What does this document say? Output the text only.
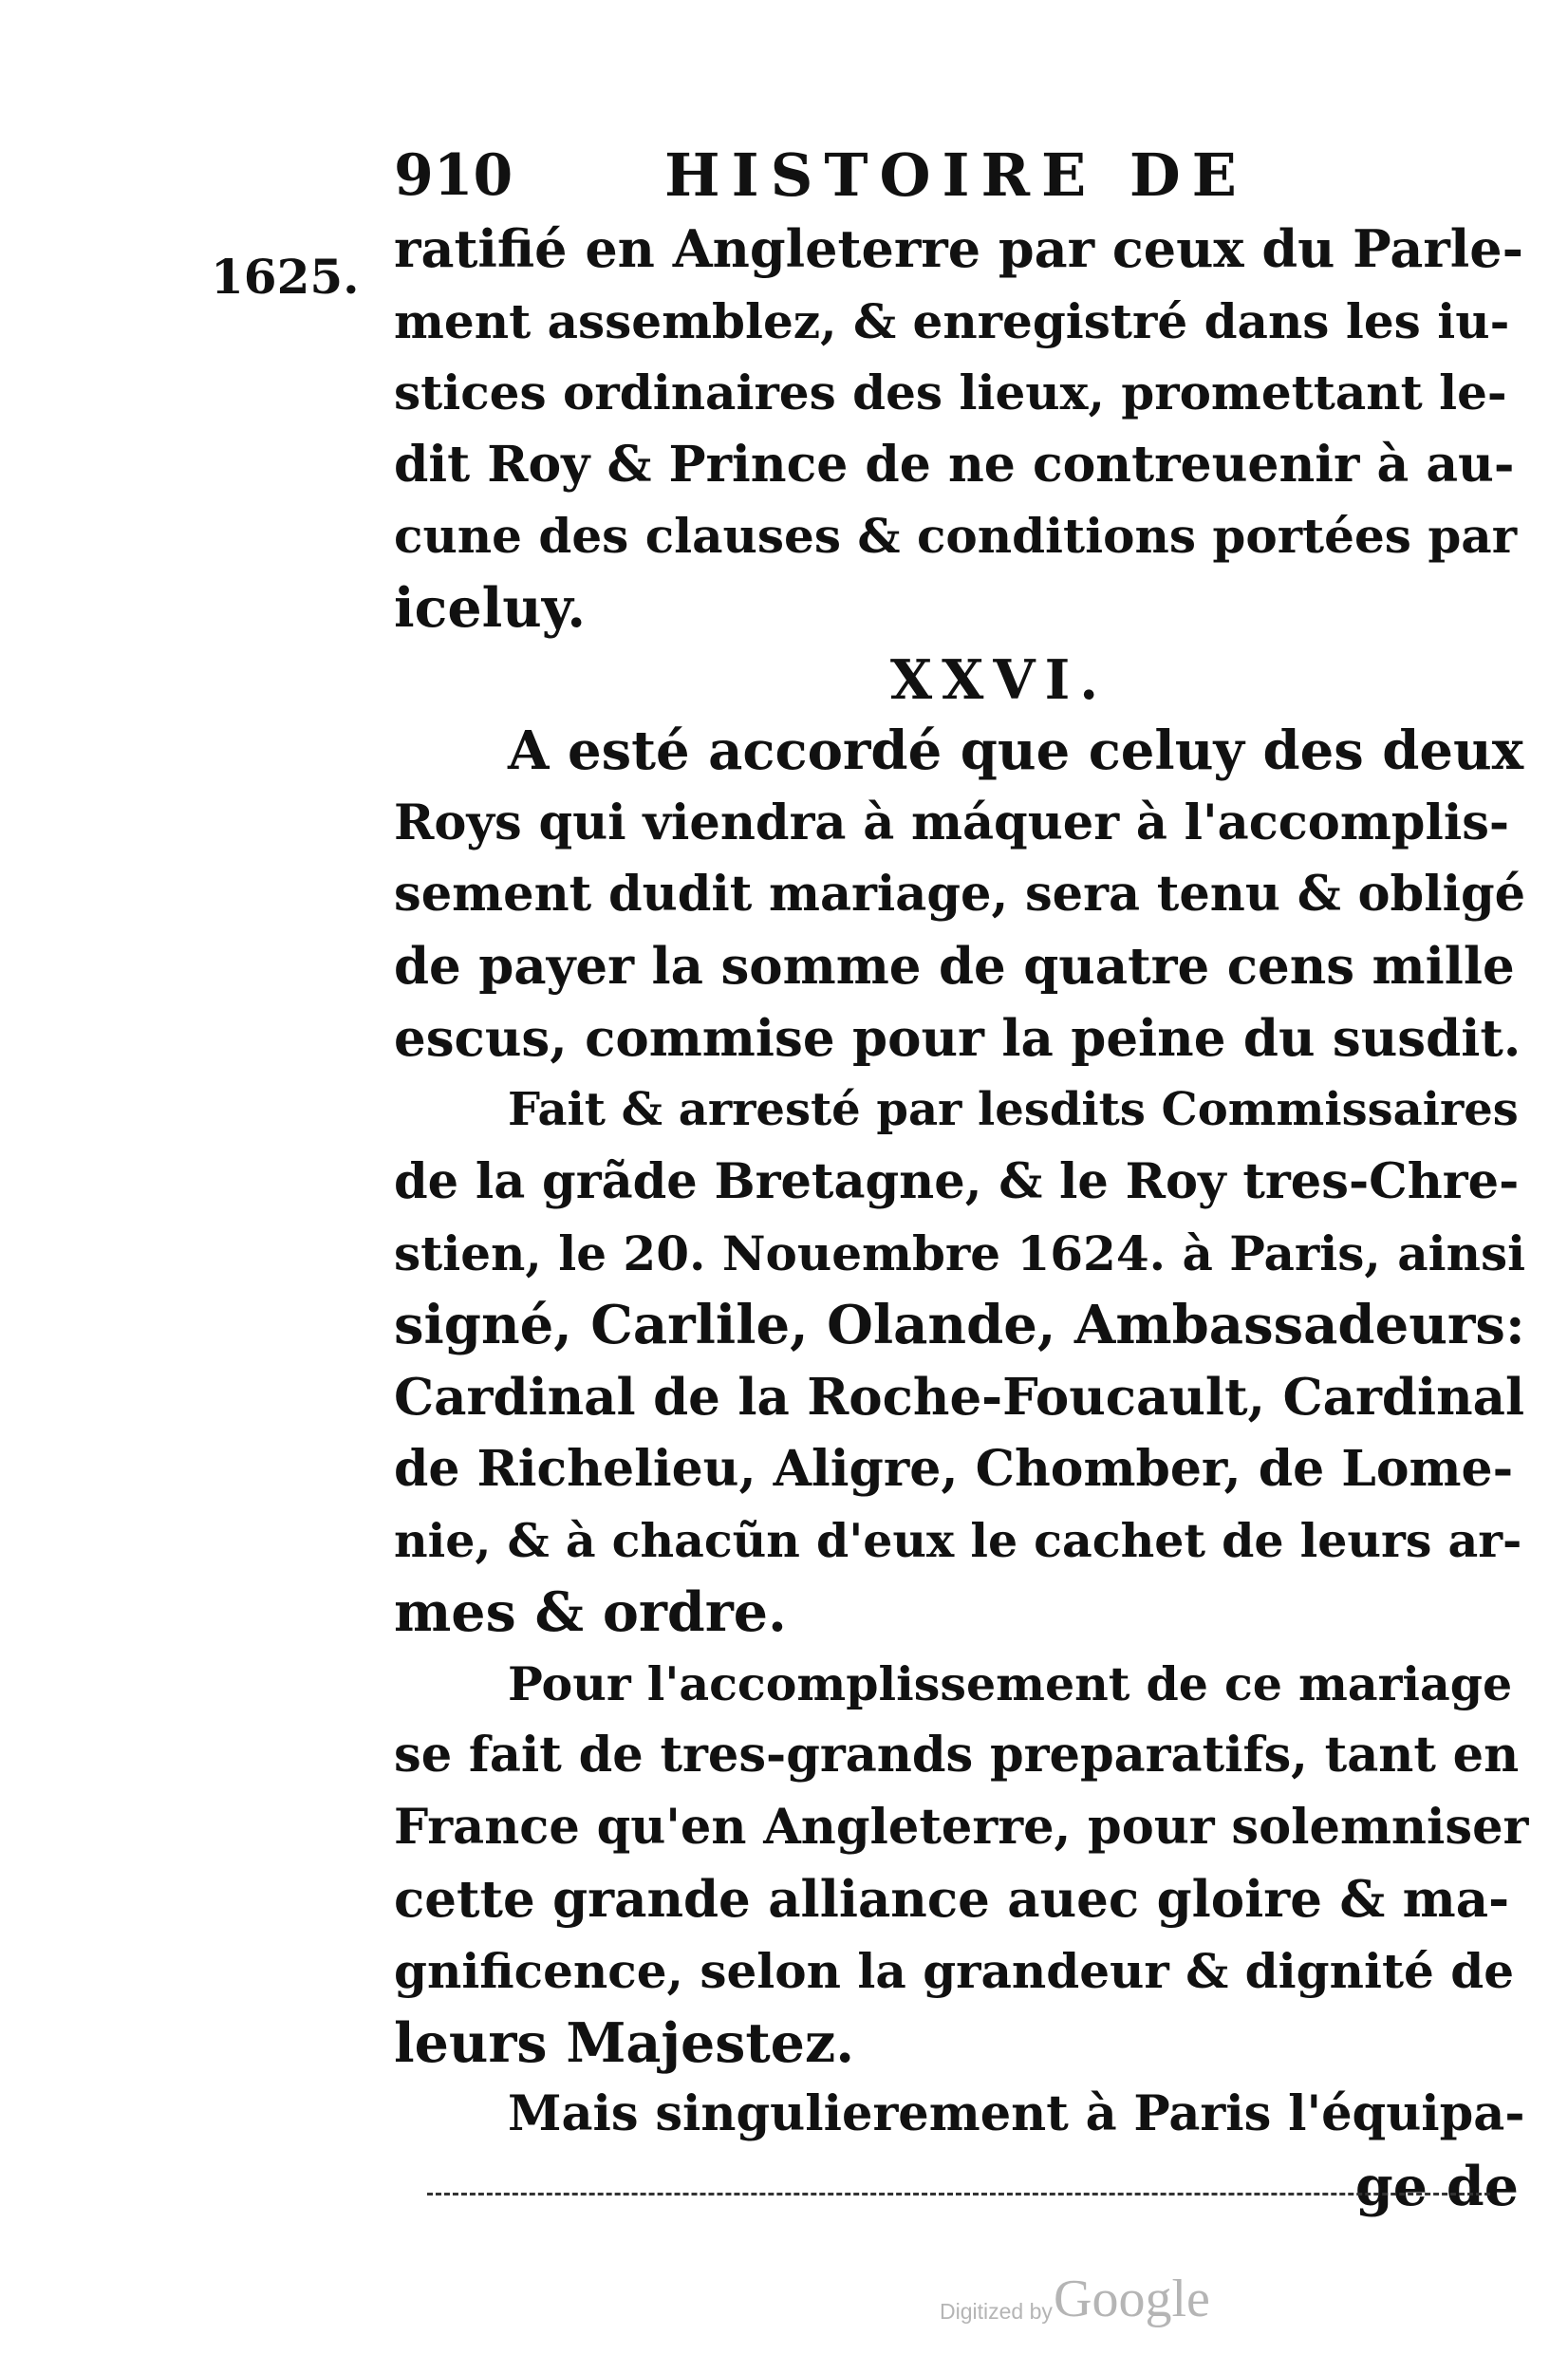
910	HISTOIRE DE
1625. ratifié en Angleterre par ceux du Parle-
ment assemblez, & enregistré dans les iu-
stices ordinaires des lieux, promettant le-
dit Roy & Prince de ne contreuenir à au-
cune des clauses & conditions portées par
iceluy.
XXVI.
A esté accordé que celuy des deux
Roys qui viendra à máquer à l'accomplis-
sement dudit mariage, sera tenu & obligé
de payer la somme de quatre cens mille
escus, commise pour la peine du susdit.
Fait & arresté par lesdits Commissaires
de la grãde Bretagne, & le Roy tres-Chre-
stien, le 20. Nouembre 1624. à Paris, ainsi
signé, Carlile, Olande, Ambassadeurs:
Cardinal de la Roche-Foucault, Cardinal
de Richelieu, Aligre, Chomber, de Lome-
nie, & à chacũn d'eux le cachet de leurs ar-
mes & ordre.
Pour l'accomplissement de ce mariage
se fait de tres-grands preparatifs, tant en
France qu'en Angleterre, pour solemniser
cette grande alliance auec gloire & ma-
gnificence, selon la grandeur & dignité de
leurs Majestez.
Mais singulierement à Paris l'équipa-
ge de
Digitized by Google
